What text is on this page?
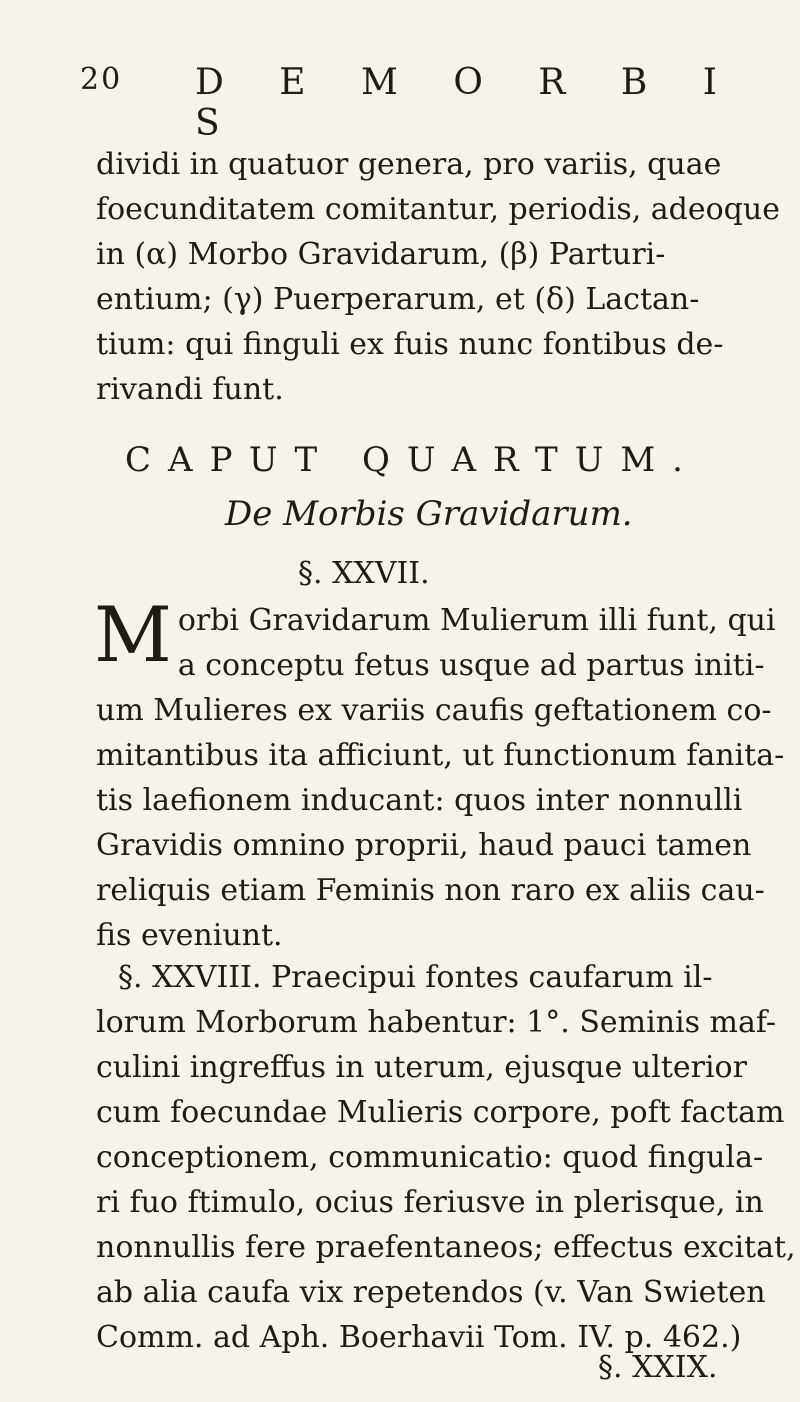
20 D E M O R B I S
dividi in quatuor genera, pro variis, quae
foecunditatem comitantur, periodis, adeoque
in (α) Morbo Gravidarum, (β) Parturi-
entium; (γ) Puerperarum, et (δ) Lactan-
tium: qui finguli ex fuis nunc fontibus de-
rivandi funt.
CAPUT QUARTUM.
De Morbis Gravidarum.
§. XXVII.
M orbi Gravidarum Mulierum illi funt, qui
a conceptu fetus usque ad partus initi-
um Mulieres ex variis caufis geftationem co-
mitantibus ita afficiunt, ut functionum fanita-
tis laefionem inducant: quos inter nonnulli
Gravidis omnino proprii, haud pauci tamen
reliquis etiam Feminis non raro ex aliis cau-
fis eveniunt.
§. XXVIII. Praecipui fontes caufarum il-
lorum Morborum habentur: 1°. Seminis maf-
culini ingreffus in uterum, ejusque ulterior
cum foecundae Mulieris corpore, poft factam
conceptionem, communicatio: quod fingula-
ri fuo ftimulo, ocius feriusve in plerisque, in
nonnullis fere praefentaneos; effectus excitat,
ab alia caufa vix repetendos (v. Van Swieten
Comm. ad Aph. Boerhavii Tom. IV. p. 462.)
§. XXIX.
